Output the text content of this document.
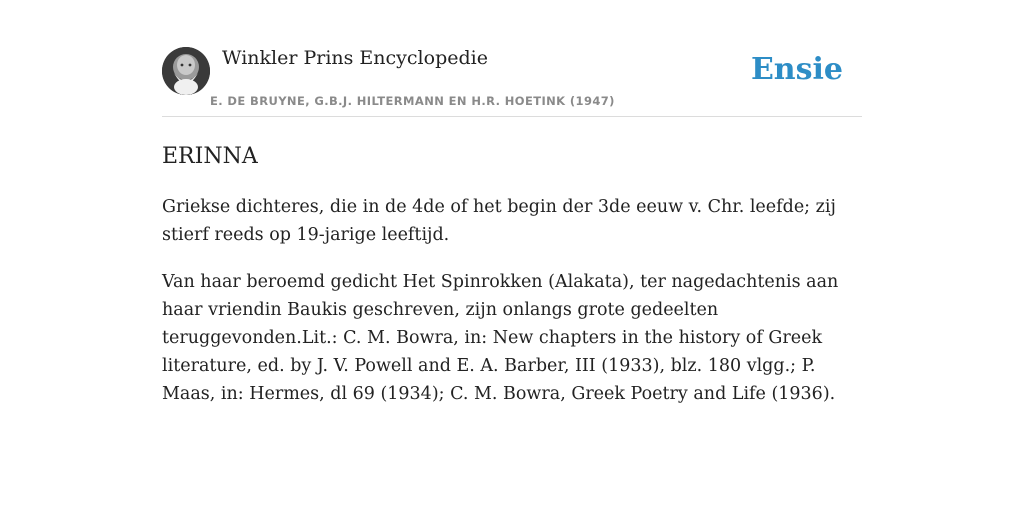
Winkler Prins Encyclopedie
E. DE BRUYNE, G.B.J. HILTERMANN EN H.R. HOETINK (1947)
Ensie
ERINNA

Griekse dichteres, die in de 4de of het begin der 3de eeuw v. Chr. leefde; zij stierf reeds op 19-jarige leeftijd.

Van haar beroemd gedicht Het Spinrokken (Alakata), ter nagedachtenis aan haar vriendin Baukis geschreven, zijn onlangs grote gedeelten teruggevonden.Lit.: C. M. Bowra, in: New chapters in the history of Greek literature, ed. by J. V. Powell and E. A. Barber, III (1933), blz. 180 vlgg.; P. Maas, in: Hermes, dl 69 (1934); C. M. Bowra, Greek Poetry and Life (1936).
